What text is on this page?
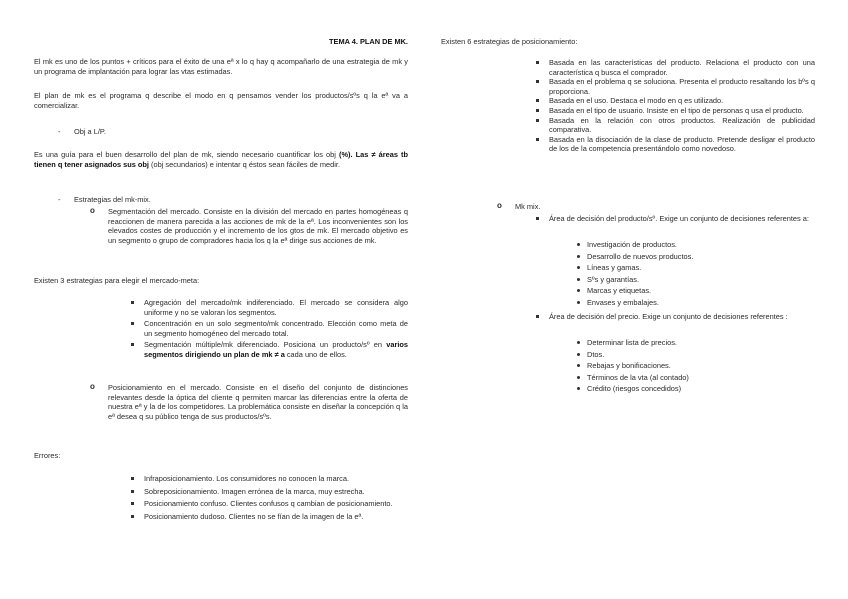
TEMA 4. PLAN DE MK.

El mk es uno de los puntos + críticos para el éxito de una eª x lo q hay q acompañarlo de una estrategia de mk y un programa de implantación para lograr las vtas estimadas.

El plan de mk es el programa q describe el modo en q pensamos vender los productos/sºs q la eª va a comercializar.

- Obj a L/P.

Es una guía para el buen desarrollo del plan de mk, siendo necesario cuantificar los obj (%). Las ≠ áreas tb tienen q tener asignados sus obj (obj secundarios) e intentar q éstos sean fáciles de medir.

- Estrategias del mk-mix.
o Segmentación del mercado. Consiste en la división del mercado en partes homogéneas q reaccionen de manera parecida a las acciones de mk de la eª. Los inconvenientes son los elevados costes de producción y el incremento de los gtos de mk. El mercado objetivo es un segmento o grupo de compradores hacia los q la eª dirige sus acciones de mk.

Existen 3 estrategias para elegir el mercado-meta:

Agregación del mercado/mk indiferenciado. El mercado se considera algo uniforme y no se valoran los segmentos.
Concentración en un solo segmento/mk concentrado. Elección como meta de un segmento homogéneo del mercado total.
Segmentación múltiple/mk diferenciado. Posiciona un producto/sº en varios segmentos dirigiendo un plan de mk ≠ a cada uno de ellos.
o Posicionamiento en el mercado. Consiste en el diseño del conjunto de distinciones relevantes desde la óptica del cliente q permiten marcar las diferencias entre la oferta de nuestra eª y la de los competidores. La problemática consiste en diseñar la concepción q la eª desea q su público tenga de sus productos/sºs.

Errores:

Infraposicionamiento. Los consumidores no conocen la marca.
Sobreposicionamiento. Imagen errónea de la marca, muy estrecha.
Posicionamiento confuso. Clientes confusos q cambian de posicionamiento.
Posicionamiento dudoso. Clientes no se fían de la imagen de la eª.

Existen 6 estrategias de posicionamiento:

Basada en las características del producto. Relaciona el producto con una característica q busca el comprador.
Basada en el problema q se soluciona. Presenta el producto resaltando los bºs q proporciona.
Basada en el uso. Destaca el modo en q es utilizado.
Basada en el tipo de usuario. Insiste en el tipo de personas q usa el producto.
Basada en la relación con otros productos. Realización de publicidad comparativa.
Basada en la disociación de la clase de producto. Pretende desligar el producto de los de la competencia presentándolo como novedoso.
o Mk mix.
Área de decisión del producto/sº. Exige un conjunto de decisiones referentes a:
Investigación de productos.
Desarrollo de nuevos productos.
Líneas y gamas.
Sºs y garantías.
Marcas y etiquetas.
Envases y embalajes.
Área de decisión del precio. Exige un conjunto de decisiones referentes :
Determinar lista de precios.
Dtos.
Rebajas y bonificaciones.
Términos de la vta (al contado)
Crédito (riesgos concedidos)
